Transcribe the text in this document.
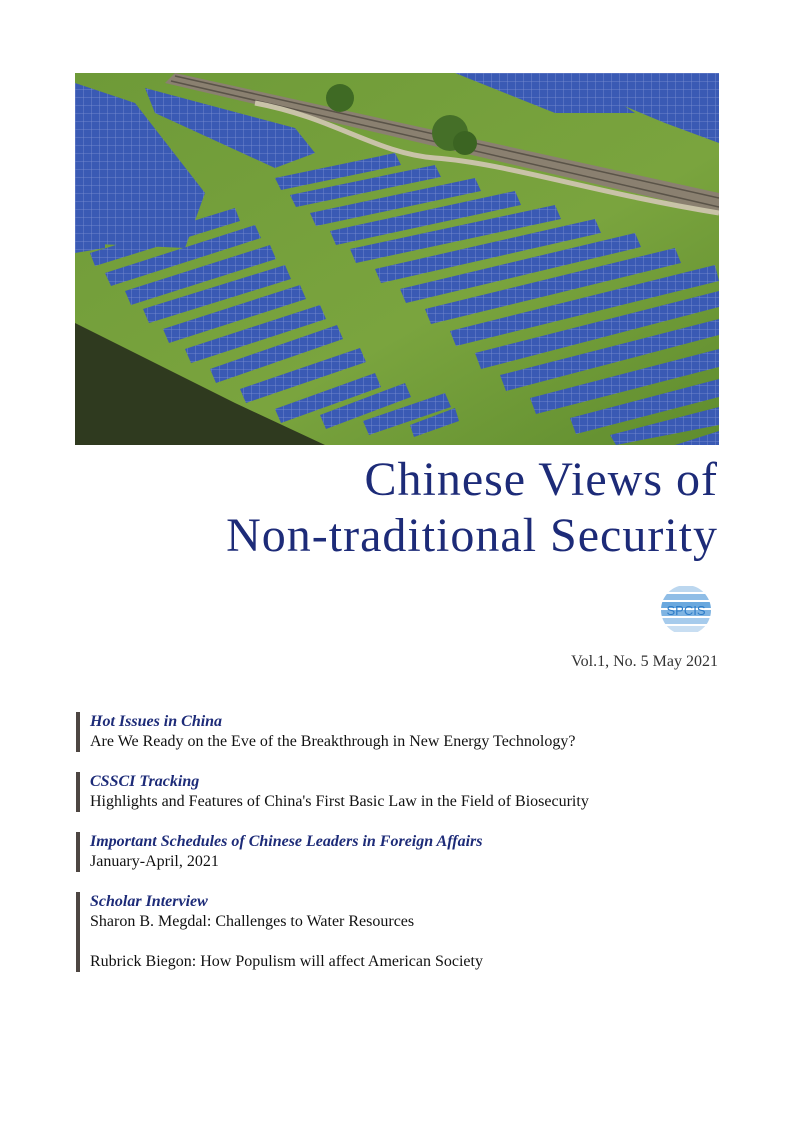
Chinese Views of
Non-traditional Security
SPCIS
Vol.1, No. 5 May 2021
Hot Issues in China
Are We Ready on the Eve of the Breakthrough in New Energy Technology?
CSSCI Tracking
Highlights and Features of China's First Basic Law in the Field of Biosecurity
Important Schedules of Chinese Leaders in Foreign Affairs
January-April, 2021
Scholar Interview
Sharon B. Megdal: Challenges to Water Resources
Rubrick Biegon: How Populism will affect American Society
